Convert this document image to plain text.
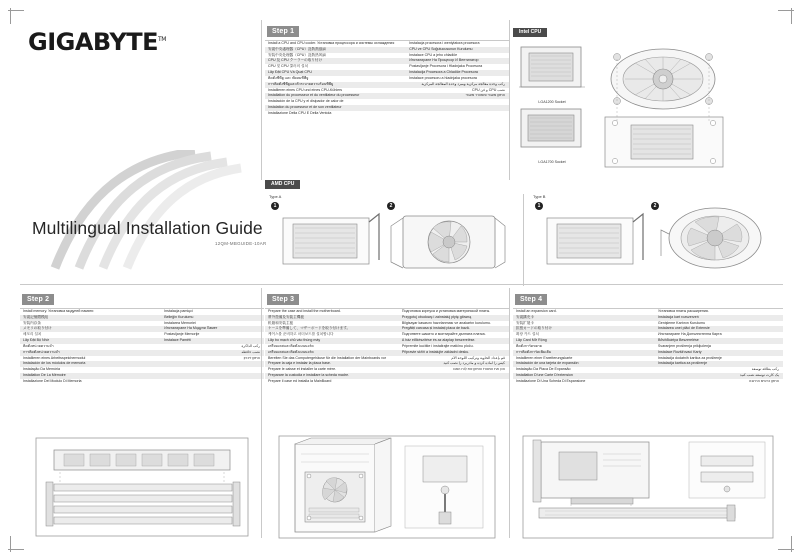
GIGABYTE™
Multilingual Installation Guide
12QM-MBGUIDE-10AR
Step 1
Install a CPU and CPU cooler. Установка процессора и системы охлаждения	Instalacja procesora i wentylatora procesora
安裝中央處理器（CPU）及散熱風扇	CPU ve CPU Soğutucusunun Kurulumu
安装中央处理器（CPU）及散热风扇	Instalace CPU a jeho chladiče
CPU 及 CPU クーラーの取り付け	Инсталиране На Процесор И Вентилатор
CPU 및 CPU 쿨러의 설치	Postavljanje Procesora i Hladnjaka Procesora
Lắp Đặt CPU Và Quạt CPU	Instalacija Procesora a Chladiče Procesora
ติดตั้งซีพียู และ พัดลมซีพียู	Instalace procesoru a hladnjaka procesora
การติดตั้งซีพียูและตัวระบายความร้อนซีพียู	رکب وحدة معالجة مركزية ومبرد وحدة المعالجة المركزية
Installieren eines CPU und eines CPU-Kühlers	نصب CPU و فن CPU
Installation du processeur et du ventilateur du processeur	התקן מעבד ומאוורר מעבד
Instalación de la CPU y el disipador de calor de	
Instalation du processeur et de son ventilateur	
Installazione Della CPU E Della Ventola	
Step 2
Install memory. Установка модулей памяти	Instalacja pamięci
安裝記憶體模組	Belleğin Kurulumu
安装内存条	Instalarea Memoriei
メモリの取り付け	Инсталиране На Модули Памет
메모리 설치	Postavljanje Memorije
Lắp Đặt Bộ Nhớ	Instalace Pamětí
ติดตั้งหน่วยความจำ	رکب الذاکرة
การติดตั้งหน่วยความจำ	نصب حافظه
Installieren eines Arbeitsspeichermodul	התקן זיכרון
Instalación de los módulos de memoria	
Instalação Da Memória	
Installation De La Mémoire	
Installazione Del Modulo Di Memoria	
Step 3
Prepare the case and install the motherboard.	Подготовка корпуса и установка материнской платы.
將外殼備及安裝主機板	Przygotuj obudowę i zainstaluj płytę główną
机箱和安装主板	Bilgisayar kasasını hazırlanması ve anakartın kurulumu.
ケースを準備して、マザーボードを取り付けます。	Pregătiți carcasa și instalați placa de bază.
케이스를 준비하고 마더보드를 설치합니다	Подгответе шасито и монтирайте дънната платка.
Lắp bo mạch chủ vào thùng máy	A ház előkészítése és az alaplap beszerelése.
เตรียมเคสและติดตั้งเมนบอร์ด	Pripremite kućište i instalirajte matičnu ploču.
เตรียมเคสและติดตั้งเมนบอร์ด	Připravte skříň a instalujte základní desku.
Bereiten Sie das Computergehäuse für die Installation der Mainboards vor	قم بإعداد الحاوية وتركيب اللوحة الأم
Prepare la caja e instalar la placa base.	کیس را آماده کرده و مادربرد را نصب کنید
Prepare le caisse et installer la carte mère.	הכן את המארז והתקן את לוח האם
Preparare la custodia e installare la scheda madre.	
Prepare il case ed installa la MainBoard	
Step 4
Install an expansion card.	Установка платы расширения.
安裝擴充卡	Instalacja kart rozszerzeń
安装扩展卡	Genişleme Kartının Kurulumu
拡張カードの取り付け	Instalarea unei plăci de Extensie
확장 카드 설치	Инсталиране На Допълнителна Карта
Lắp Card Mở Rộng	Bővítőkártya Beszerelése
ติดตั้งการ์ดขยาย	Svaranjem proširenja priključenja
การติดตั้งการ์ดเพิ่มเติม	Instalace Rozšiřovací Karty
Installieren einer Erweiterungskarte	Instalacija dodatnih kartica za proširenje
Instalación de una tarjeta de expansión	Instalacija kartica za proširenje
Instalação Da Placa De Expansão	رکب بطاقة توسعة
Installation D'une Carte D'extension	یک کارت توسعه نصب کنید
Installazione Di Una Scheda Di Espansione	התקן כרטיס הרחבה
Intel CPU
LGA1200 Socket
LGA1700 Socket
AMD CPU
Type A
1	2
Type B
1	2
